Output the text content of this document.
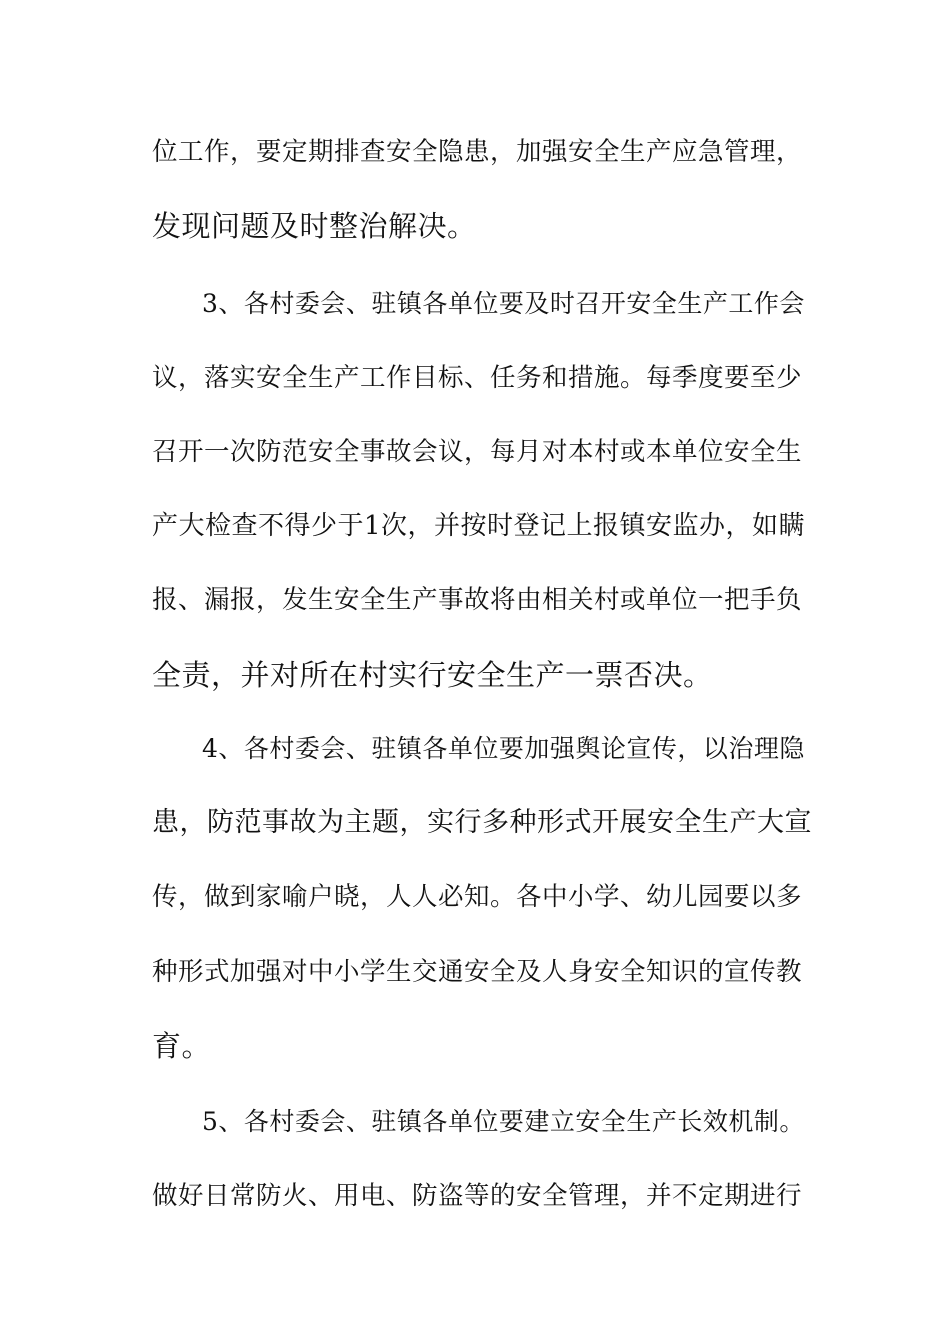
位工作，要定期排查安全隐患，加强安全生产应急管理，

发现问题及时整治解决。

3、各村委会、驻镇各单位要及时召开安全生产工作会

议，落实安全生产工作目标、任务和措施。每季度要至少

召开一次防范安全事故会议，每月对本村或本单位安全生

产大检查不得少于1次，并按时登记上报镇安监办，如瞒

报、漏报，发生安全生产事故将由相关村或单位一把手负

全责，并对所在村实行安全生产一票否决。

4、各村委会、驻镇各单位要加强舆论宣传，以治理隐

患，防范事故为主题，实行多种形式开展安全生产大宣

传，做到家喻户晓，人人必知。各中小学、幼儿园要以多

种形式加强对中小学生交通安全及人身安全知识的宣传教

育。

5、各村委会、驻镇各单位要建立安全生产长效机制。

做好日常防火、用电、防盗等的安全管理，并不定期进行
